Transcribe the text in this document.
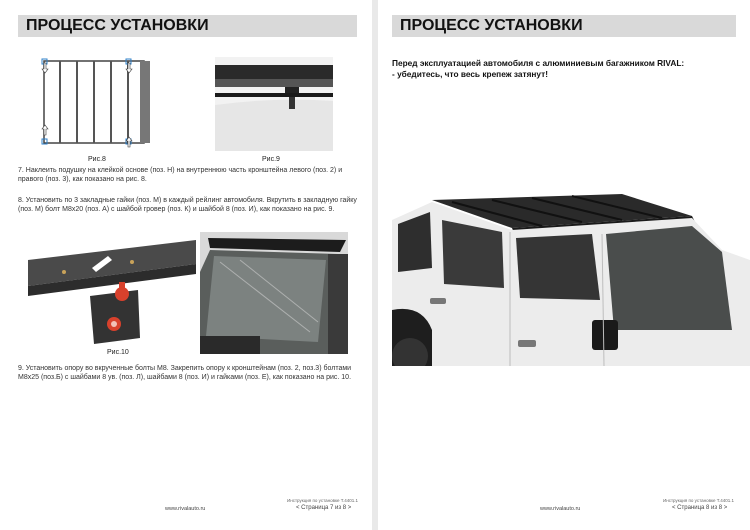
ПРОЦЕСС УСТАНОВКИ
Рис.8	Рис.9
7. Наклеить подушку на клейкой основе (поз. Н) на внутреннюю часть кронштейна левого (поз. 2) и правого (поз. 3), как показано на рис. 8.
8. Установить по 3 закладные гайки (поз. М) в каждый рейлинг автомобиля. Вкрутить в закладную гайку (поз. М) болт М8х20 (поз. А) с шайбой гровер (поз. К) и шайбой 8 (поз. И), как показано на рис. 9.
Рис.10
9. Установить опору во вкрученные болты М8. Закрепить опору к кронштейнам (поз. 2, поз.3) болтами М8х25 (поз.Б) с шайбами 8 ув. (поз. Л), шайбами 8 (поз. И) и гайками (поз. Е), как показано на рис. 10.
Инструкция по установке Т.4401.1
www.rivalauto.ru	< Страница 7 из 8 >
ПРОЦЕСС УСТАНОВКИ
Перед эксплуатацией автомобиля с алюминиевым багажником RIVAL:
- убедитесь, что весь крепеж затянут!
Инструкция по установке Т.4401.1
www.rivalauto.ru	< Страница 8 из 8 >
